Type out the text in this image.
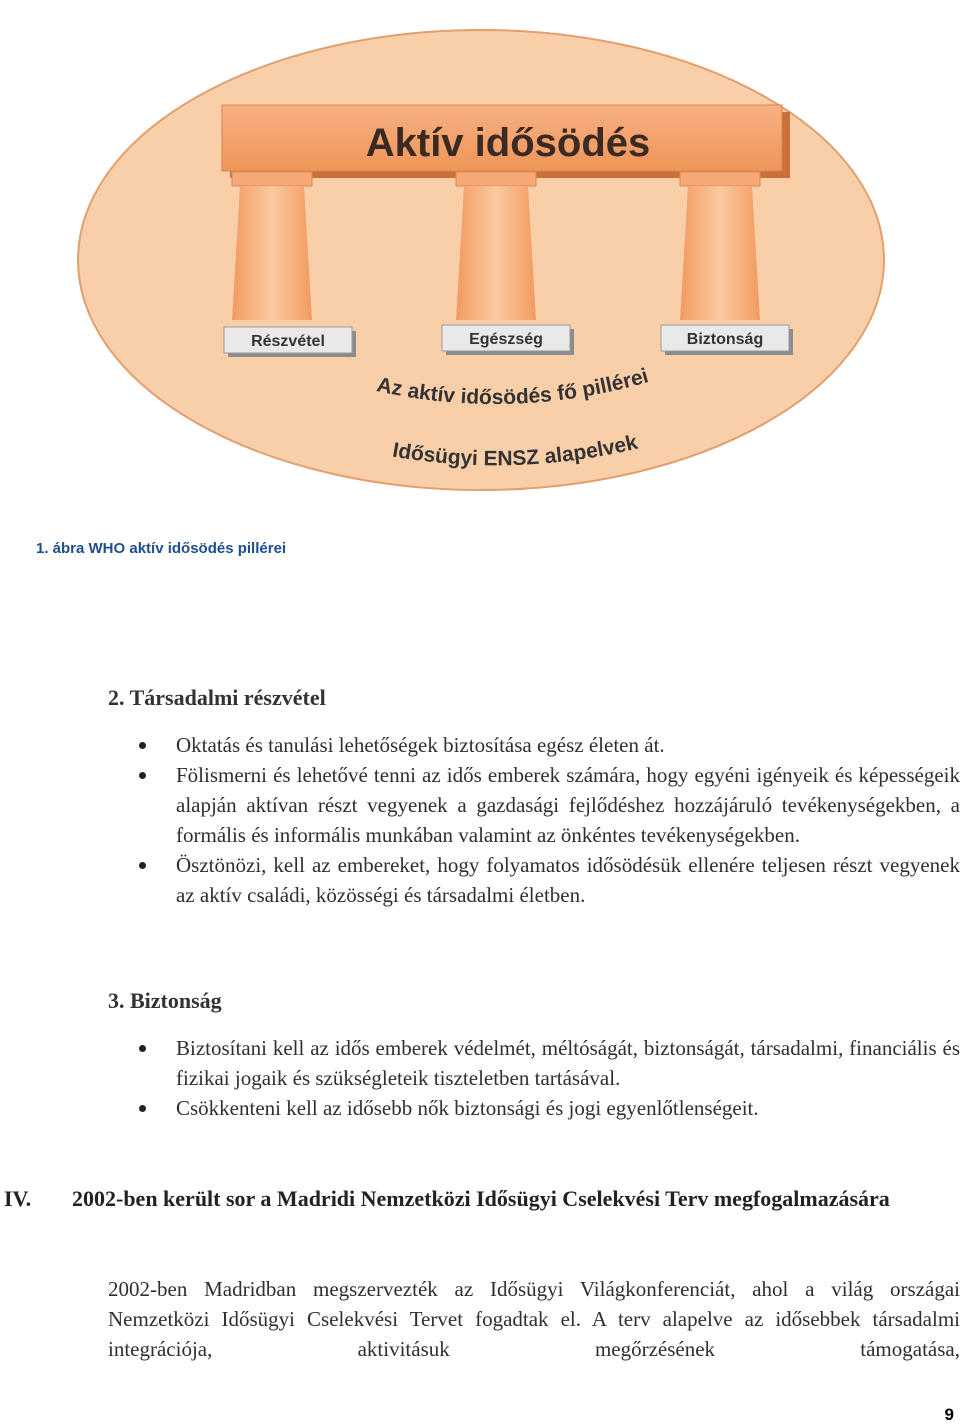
Aktív idősödés
Részvétel	Egészség	Biztonság
Az aktív idősödés fő pillérei
Idősügyi ENSZ alapelvek
1. ábra WHO aktív idősödés pillérei
2. Társadalmi részvétel
Oktatás és tanulási lehetőségek biztosítása egész életen át.
Fölismerni és lehetővé tenni az idős emberek számára, hogy egyéni igényeik és képességeik alapján aktívan részt vegyenek a gazdasági fejlődéshez hozzájáruló tevékenységekben, a formális és informális munkában valamint az önkéntes tevékenységekben.
Ösztönözi, kell az embereket, hogy folyamatos idősödésük ellenére teljesen részt vegyenek az aktív családi, közösségi és társadalmi életben.
3. Biztonság
Biztosítani kell az idős emberek védelmét, méltóságát, biztonságát, társadalmi, financiális és fizikai jogaik és szükségleteik tiszteletben tartásával.
Csökkenteni kell az idősebb nők biztonsági és jogi egyenlőtlenségeit.
IV. 2002-ben került sor a Madridi Nemzetközi Idősügyi Cselekvési Terv megfogalmazására

2002-ben Madridban megszervezték az Idősügyi Világkonferenciát, ahol a világ országai Nemzetközi Idősügyi Cselekvési Tervet fogadtak el. A terv alapelve az idősebbek társadalmi integrációja, aktivitásuk megőrzésének támogatása,

9
